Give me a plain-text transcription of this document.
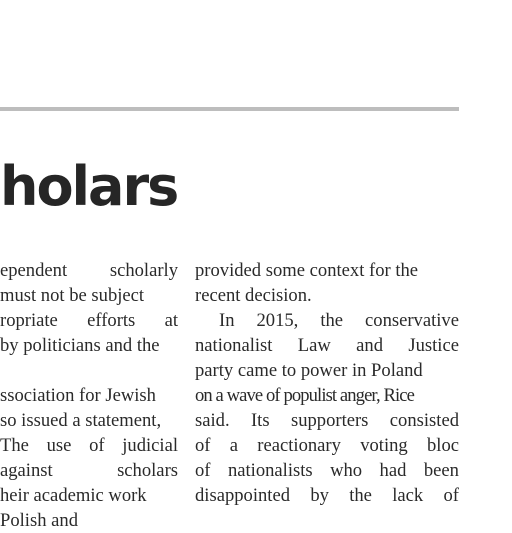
holars
ependent scholarly
must not be subject
ropriate efforts at
by politicians and the
ssociation for Jewish
so issued a statement,
The use of judicial
against	scholars
heir academic work
Polish and
provided some context for the
recent decision.
In 2015, the conservative
nationalist Law and Justice
party came to power in Poland
on a wave of populist anger, Rice
said. Its supporters consisted
of a reactionary voting bloc
of nationalists who had been
disappointed by the lack of
